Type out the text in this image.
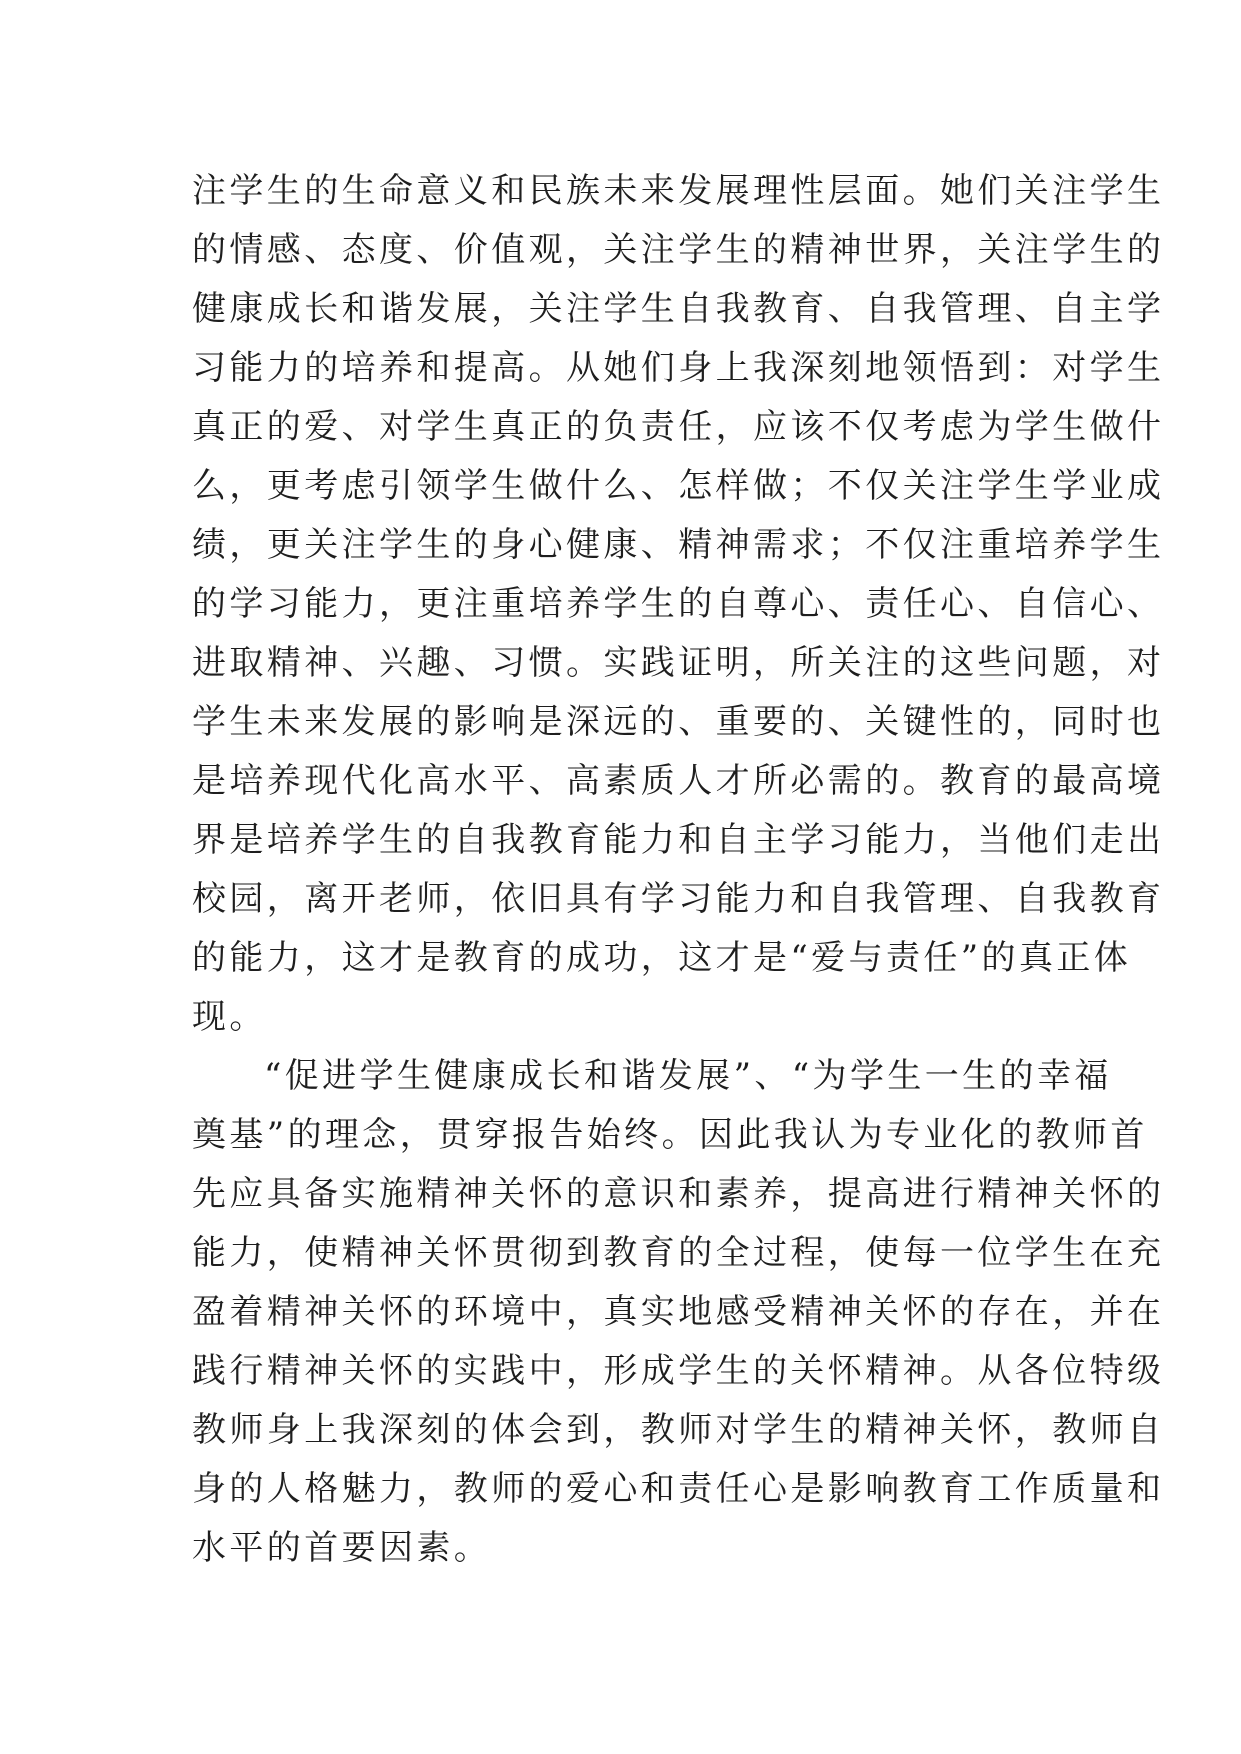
注学生的生命意义和民族未来发展理性层面。她们关注学生
的情感、态度、价值观，关注学生的精神世界，关注学生的
健康成长和谐发展，关注学生自我教育、自我管理、自主学
习能力的培养和提高。从她们身上我深刻地领悟到：对学生
真正的爱、对学生真正的负责任，应该不仅考虑为学生做什
么，更考虑引领学生做什么、怎样做；不仅关注学生学业成
绩，更关注学生的身心健康、精神需求；不仅注重培养学生
的学习能力，更注重培养学生的自尊心、责任心、自信心、
进取精神、兴趣、习惯。实践证明，所关注的这些问题，对
学生未来发展的影响是深远的、重要的、关键性的，同时也
是培养现代化高水平、高素质人才所必需的。教育的最高境
界是培养学生的自我教育能力和自主学习能力，当他们走出
校园，离开老师，依旧具有学习能力和自我管理、自我教育
的能力，这才是教育的成功，这才是“爱与责任”的真正体
现。
“促进学生健康成长和谐发展”、“为学生一生的幸福
奠基”的理念，贯穿报告始终。因此我认为专业化的教师首
先应具备实施精神关怀的意识和素养，提高进行精神关怀的
能力，使精神关怀贯彻到教育的全过程，使每一位学生在充
盈着精神关怀的环境中，真实地感受精神关怀的存在，并在
践行精神关怀的实践中，形成学生的关怀精神。从各位特级
教师身上我深刻的体会到，教师对学生的精神关怀，教师自
身的人格魅力，教师的爱心和责任心是影响教育工作质量和
水平的首要因素。
